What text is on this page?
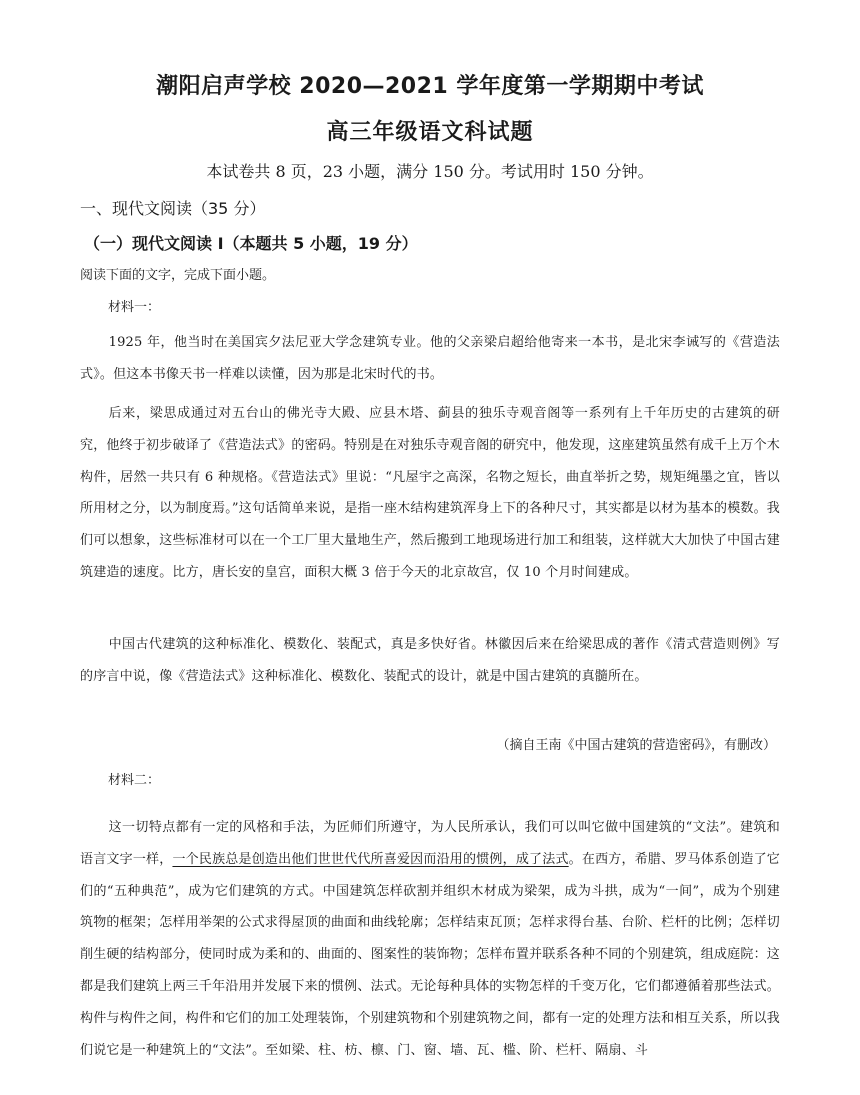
潮阳启声学校 2020—2021 学年度第一学期期中考试
高三年级语文科试题
本试卷共 8 页，23 小题，满分 150 分。考试用时 150 分钟。
一、现代文阅读（35 分）
（一）现代文阅读 I（本题共 5 小题，19 分）
阅读下面的文字，完成下面小题。
材料一：

1925 年，他当时在美国宾夕法尼亚大学念建筑专业。他的父亲梁启超给他寄来一本书，是北宋李诫写的《营造法式》。但这本书像天书一样难以读懂，因为那是北宋时代的书。

后来，梁思成通过对五台山的佛光寺大殿、应县木塔、蓟县的独乐寺观音阁等一系列有上千年历史的古建筑的研究，他终于初步破译了《营造法式》的密码。特别是在对独乐寺观音阁的研究中，他发现，这座建筑虽然有成千上万个木构件，居然一共只有 6 种规格。《营造法式》里说：“凡屋宇之高深，名物之短长，曲直举折之势，规矩绳墨之宜，皆以所用材之分，以为制度焉。”这句话简单来说，是指一座木结构建筑浑身上下的各种尺寸，其实都是以材为基本的模数。我们可以想象，这些标准材可以在一个工厂里大量地生产，然后搬到工地现场进行加工和组装，这样就大大加快了中国古建筑建造的速度。比方，唐长安的皇宫，面积大概 3 倍于今天的北京故宫，仅 10 个月时间建成。

中国古代建筑的这种标准化、模数化、装配式，真是多快好省。林徽因后来在给梁思成的著作《清式营造则例》写的序言中说，像《营造法式》这种标准化、模数化、装配式的设计，就是中国古建筑的真髓所在。

（摘自王南《中国古建筑的营造密码》，有删改）
材料二：

这一切特点都有一定的风格和手法，为匠师们所遵守，为人民所承认，我们可以叫它做中国建筑的“文法”。建筑和语言文字一样，一个民族总是创造出他们世世代代所喜爱因而沿用的惯例，成了法式。在西方，希腊、罗马体系创造了它们的“五种典范”，成为它们建筑的方式。中国建筑怎样砍割并组织木材成为梁架，成为斗拱，成为“一间”，成为个别建筑物的框架；怎样用举架的公式求得屋顶的曲面和曲线轮廓；怎样结束瓦顶；怎样求得台基、台阶、栏杆的比例；怎样切削生硬的结构部分，使同时成为柔和的、曲面的、图案性的装饰物；怎样布置并联系各种不同的个别建筑，组成庭院：这都是我们建筑上两三千年沿用并发展下来的惯例、法式。无论每种具体的实物怎样的千变万化，它们都遵循着那些法式。构件与构件之间，构件和它们的加工处理装饰，个别建筑物和个别建筑物之间，都有一定的处理方法和相互关系，所以我们说它是一种建筑上的“文法”。至如梁、柱、枋、檩、门、窗、墙、瓦、槛、阶、栏杆、隔扇、斗
